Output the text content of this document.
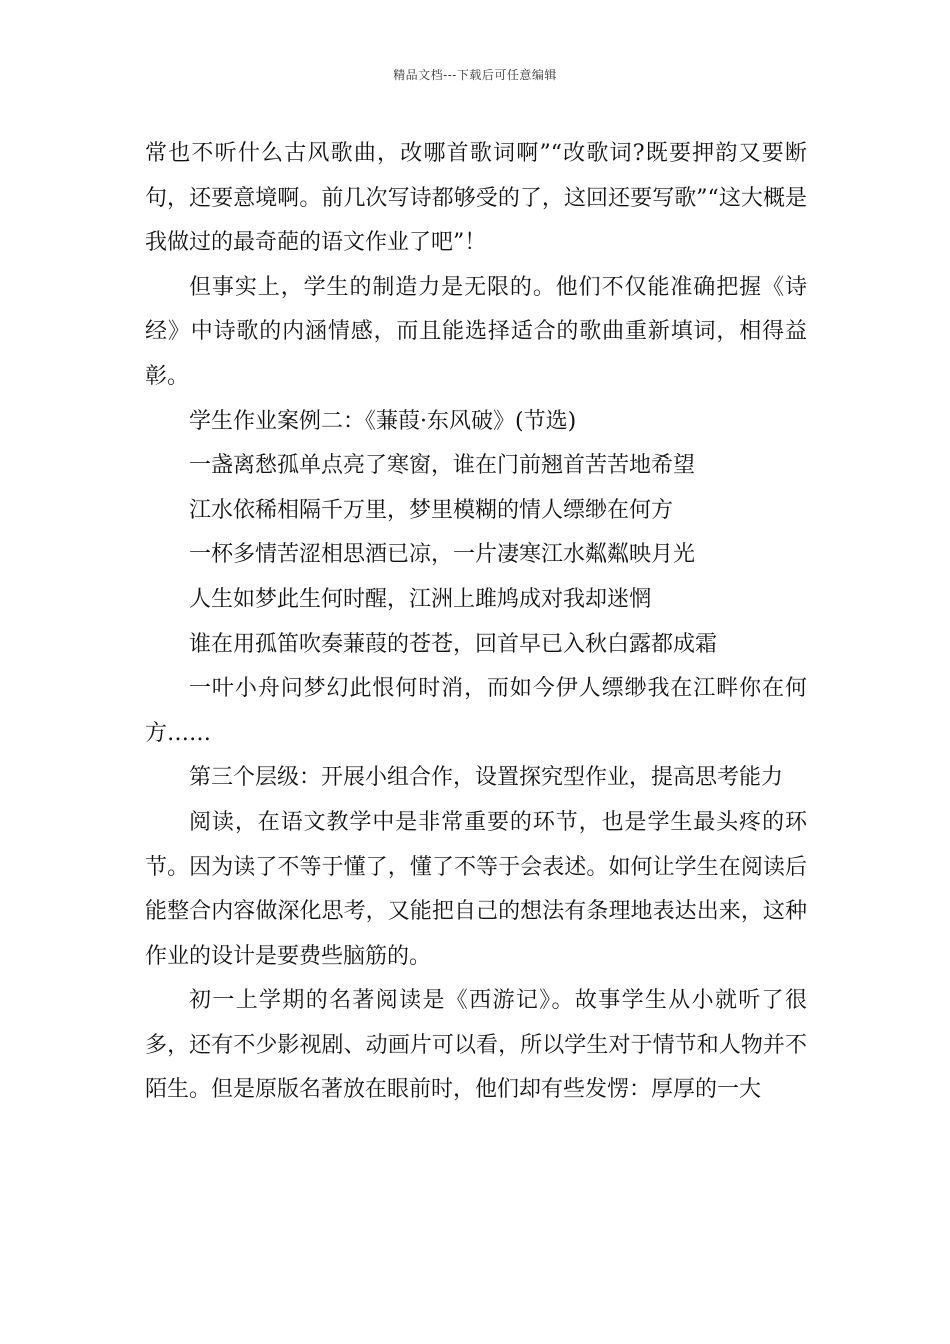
精品文档---下载后可任意编辑

常也不听什么古风歌曲，改哪首歌词啊”“改歌词?既要押韵又要断句，还要意境啊。前几次写诗都够受的了，这回还要写歌”“这大概是我做过的最奇葩的语文作业了吧”！

但事实上，学生的制造力是无限的。他们不仅能准确把握《诗经》中诗歌的内涵情感，而且能选择适合的歌曲重新填词，相得益彰。

学生作业案例二：《蒹葭·东风破》(节选)

一盏离愁孤单点亮了寒窗，谁在门前翘首苦苦地希望

江水依稀相隔千万里，梦里模糊的情人缥缈在何方

一杯多情苦涩相思酒已凉，一片凄寒江水粼粼映月光

人生如梦此生何时醒，江洲上雎鸠成对我却迷惘

谁在用孤笛吹奏蒹葭的苍苍，回首早已入秋白露都成霜

一叶小舟问梦幻此恨何时消，而如今伊人缥缈我在江畔你在何方……

第三个层级：开展小组合作，设置探究型作业，提高思考能力

阅读，在语文教学中是非常重要的环节，也是学生最头疼的环节。因为读了不等于懂了，懂了不等于会表述。如何让学生在阅读后能整合内容做深化思考，又能把自己的想法有条理地表达出来，这种作业的设计是要费些脑筋的。

初一上学期的名著阅读是《西游记》。故事学生从小就听了很多，还有不少影视剧、动画片可以看，所以学生对于情节和人物并不陌生。但是原版名著放在眼前时，他们却有些发愣：厚厚的一大
